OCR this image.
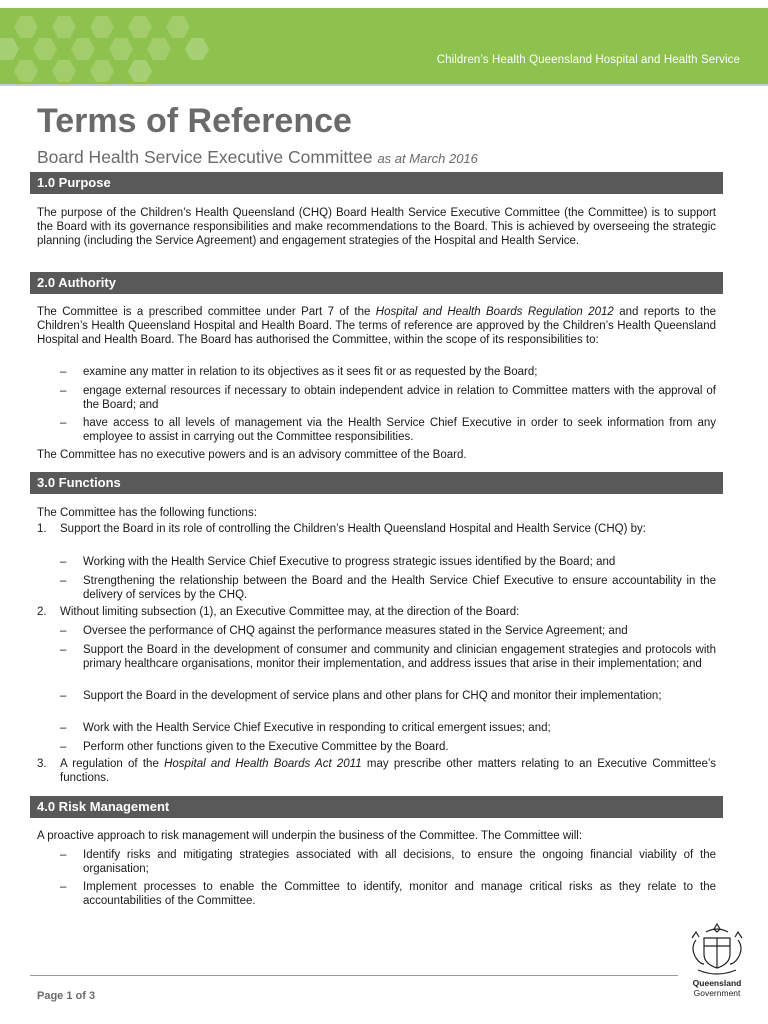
Children’s Health Queensland Hospital and Health Service
Terms of Reference
Board Health Service Executive Committee as at March 2016
1.0 Purpose

The purpose of the Children’s Health Queensland (CHQ) Board Health Service Executive Committee (the Committee) is to support the Board with its governance responsibilities and make recommendations to the Board. This is achieved by overseeing the strategic planning (including the Service Agreement) and engagement strategies of the Hospital and Health Service.

2.0 Authority

The Committee is a prescribed committee under Part 7 of the Hospital and Health Boards Regulation 2012 and reports to the Children’s Health Queensland Hospital and Health Board. The terms of reference are approved by the Children’s Health Queensland Hospital and Health Board. The Board has authorised the Committee, within the scope of its responsibilities to:

– examine any matter in relation to its objectives as it sees fit or as requested by the Board;
– engage external resources if necessary to obtain independent advice in relation to Committee matters with the approval of the Board; and
– have access to all levels of management via the Health Service Chief Executive in order to seek information from any employee to assist in carrying out the Committee responsibilities.

The Committee has no executive powers and is an advisory committee of the Board.

3.0 Functions

The Committee has the following functions:

1. Support the Board in its role of controlling the Children’s Health Queensland Hospital and Health Service (CHQ) by:
– Working with the Health Service Chief Executive to progress strategic issues identified by the Board; and
– Strengthening the relationship between the Board and the Health Service Chief Executive to ensure accountability in the delivery of services by the CHQ.
2. Without limiting subsection (1), an Executive Committee may, at the direction of the Board:
– Oversee the performance of CHQ against the performance measures stated in the Service Agreement; and
– Support the Board in the development of consumer and community and clinician engagement strategies and protocols with primary healthcare organisations, monitor their implementation, and address issues that arise in their implementation; and
– Support the Board in the development of service plans and other plans for CHQ and monitor their implementation;
– Work with the Health Service Chief Executive in responding to critical emergent issues; and;
– Perform other functions given to the Executive Committee by the Board.
3. A regulation of the Hospital and Health Boards Act 2011 may prescribe other matters relating to an Executive Committee’s functions.
4.0 Risk Management

A proactive approach to risk management will underpin the business of the Committee. The Committee will:

– Identify risks and mitigating strategies associated with all decisions, to ensure the ongoing financial viability of the organisation;
– Implement processes to enable the Committee to identify, monitor and manage critical risks as they relate to the accountabilities of the Committee.
Page 1 of 3
Queensland
Government
